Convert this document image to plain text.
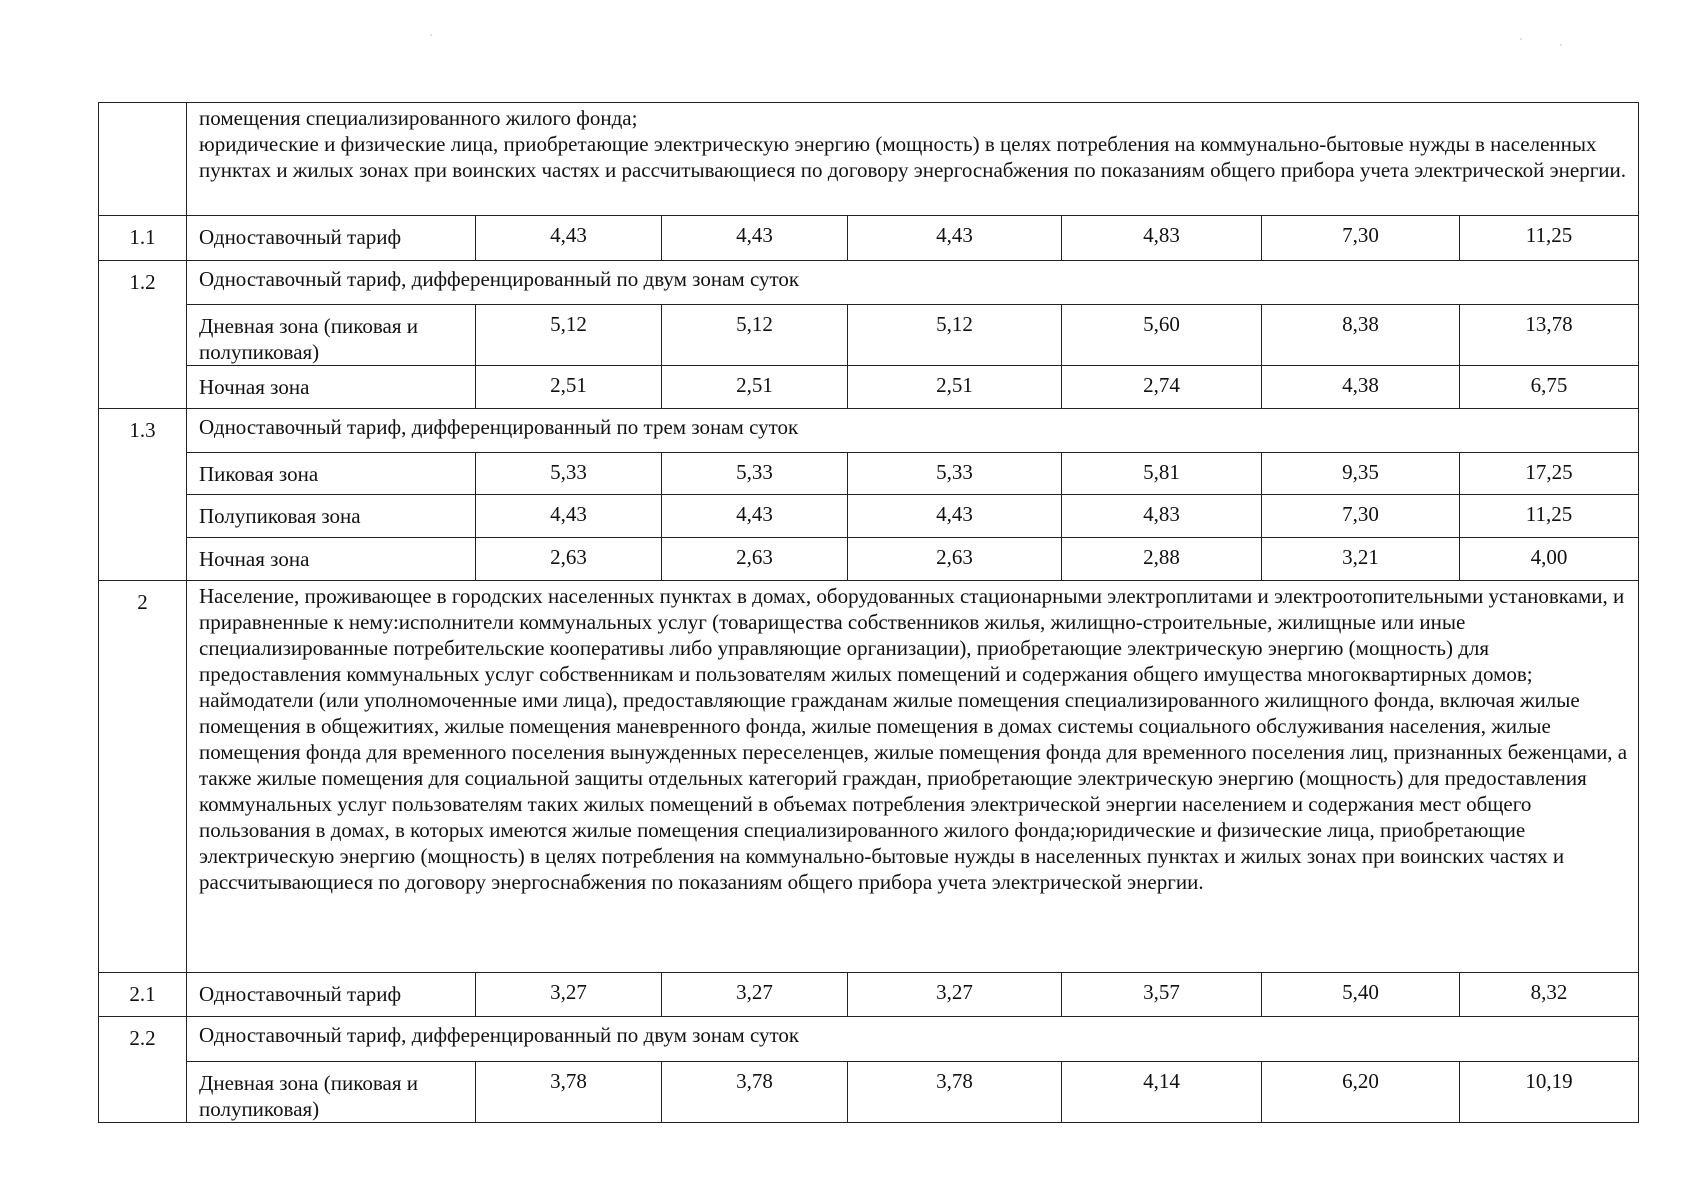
	помещения специализированного жилого фонда;
юридические и физические лица, приобретающие электрическую энергию (мощность) в целях потребления на коммунально-бытовые нужды в населенных пунктах и жилых зонах при воинских частях и рассчитывающиеся по договору энергоснабжения по показаниям общего прибора учета электрической энергии.						

1.1	Одноставочный тариф	4,43	4,43	4,43	4,83	7,30	11,25
1.2	Одноставочный тариф, дифференцированный по двум зонам суток						
	Дневная зона (пиковая и полупиковая)	5,12	5,12	5,12	5,60	8,38	13,78
	Ночная зона	2,51	2,51	2,51	2,74	4,38	6,75
1.3	Одноставочный тариф, дифференцированный по трем зонам суток						
	Пиковая зона	5,33	5,33	5,33	5,81	9,35	17,25
	Полупиковая зона	4,43	4,43	4,43	4,83	7,30	11,25
	Ночная зона	2,63	2,63	2,63	2,88	3,21	4,00
2	Население, проживающее в городских населенных пунктах в домах, оборудованных стационарными электроплитами и электроотопительными установками, и приравненные к нему:исполнители коммунальных услуг (товарищества собственников жилья, жилищно-строительные, жилищные или иные специализированные потребительские кооперативы либо управляющие организации), приобретающие электрическую энергию (мощность) для предоставления коммунальных услуг собственникам и пользователям жилых помещений и содержания общего имущества многоквартирных домов; наймодатели (или уполномоченные ими лица), предоставляющие гражданам жилые помещения специализированного жилищного фонда, включая жилые помещения в общежитиях, жилые помещения маневренного фонда, жилые помещения в домах системы социального обслуживания населения, жилые помещения фонда для временного поселения вынужденных переселенцев, жилые помещения фонда для временного поселения лиц, признанных беженцами, а также жилые помещения для социальной защиты отдельных категорий граждан, приобретающие электрическую энергию (мощность) для предоставления коммунальных услуг пользователям таких жилых помещений в объемах потребления электрической энергии населением и содержания мест общего пользования в домах, в которых имеются жилые помещения специализированного жилого фонда;юридические и физические лица, приобретающие электрическую энергию (мощность) в целях потребления на коммунально-бытовые нужды в населенных пунктах и жилых зонах при воинских частях и рассчитывающиеся по договору энергоснабжения по показаниям общего прибора учета электрической энергии.						
2.1	Одноставочный тариф	3,27	3,27	3,27	3,57	5,40	8,32
2.2	Одноставочный тариф, дифференцированный по двум зонам суток						
	Дневная зона (пиковая и полупиковая)	3,78	3,78	3,78	4,14	6,20	10,19
